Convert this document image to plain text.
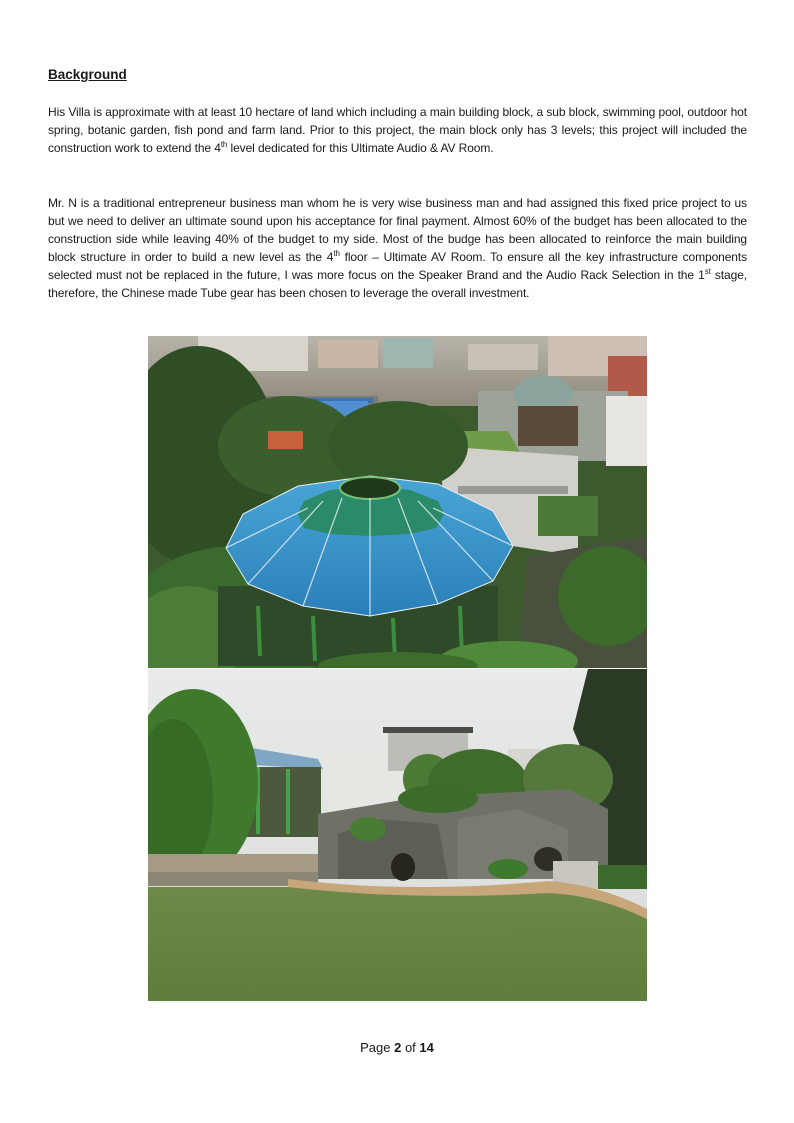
Background

His Villa is approximate with at least 10 hectare of land which including a main building block, a sub block, swimming pool, outdoor hot spring, botanic garden, fish pond and farm land. Prior to this project, the main block only has 3 levels; this project will included the construction work to extend the 4th level dedicated for this Ultimate Audio & AV Room.

Mr. N is a traditional entrepreneur business man whom he is very wise business man and had assigned this fixed price project to us but we need to deliver an ultimate sound upon his acceptance for final payment. Almost 60% of the budget has been allocated to the construction side while leaving 40% of the budget to my side. Most of the budge has been allocated to reinforce the main building block structure in order to build a new level as the 4th floor – Ultimate AV Room. To ensure all the key infrastructure components selected must not be replaced in the future, I was more focus on the Speaker Brand and the Audio Rack Selection in the 1st stage, therefore, the Chinese made Tube gear has been chosen to leverage the overall investment.

Page 2 of 14
